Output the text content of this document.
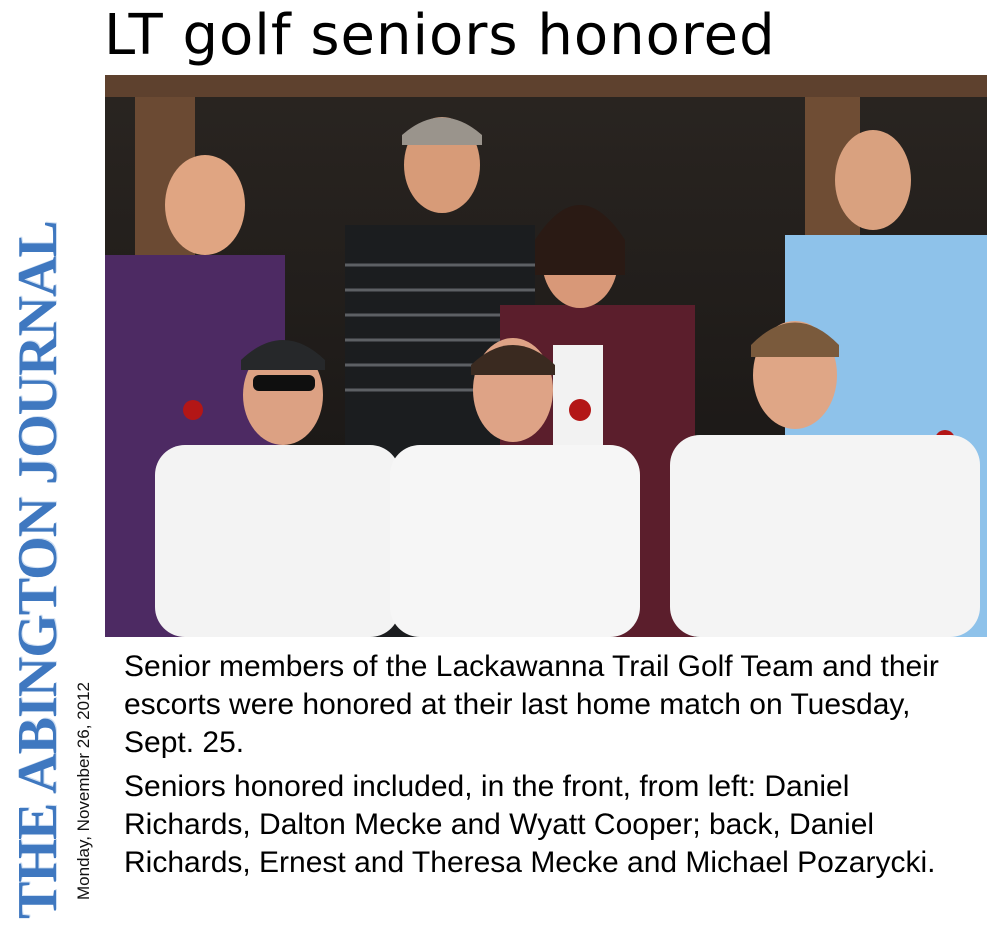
THE ABINGTON JOURNAL Monday, November 26, 2012
LT golf seniors honored

Senior members of the Lackawanna Trail Golf Team and their escorts were honored at their last home match on Tuesday, Sept. 25.

Seniors honored included, in the front, from left: Daniel Richards, Dalton Mecke and Wyatt Cooper; back, Daniel Richards, Ernest and Theresa Mecke and Michael Pozarycki.
